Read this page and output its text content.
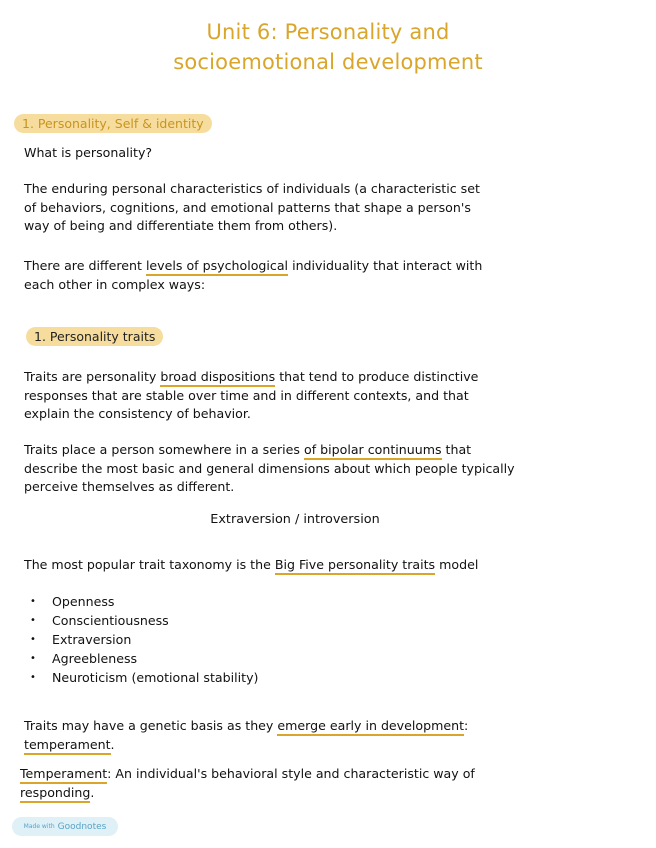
Unit 6: Personality and
socioemotional development
1. Personality, Self & identity
What is personality?
The enduring personal characteristics of individuals (a characteristic set
of behaviors, cognitions, and emotional patterns that shape a person's
way of being and differentiate them from others).
There are different levels of psychological individuality that interact with
each other in complex ways:
1. Personality traits
Traits are personality broad dispositions that tend to produce distinctive
responses that are stable over time and in different contexts, and that
explain the consistency of behavior.
Traits place a person somewhere in a series of bipolar continuums that
describe the most basic and general dimensions about which people typically
perceive themselves as different.
Extraversion / introversion
The most popular trait taxonomy is the Big Five personality traits model
• Openness
• Conscientiousness
• Extraversion
• Agreebleness
• Neuroticism (emotional stability)
Traits may have a genetic basis as they emerge early in development:
temperament.
Temperament: An individual's behavioral style and characteristic way of
responding.
Made with Goodnotes
